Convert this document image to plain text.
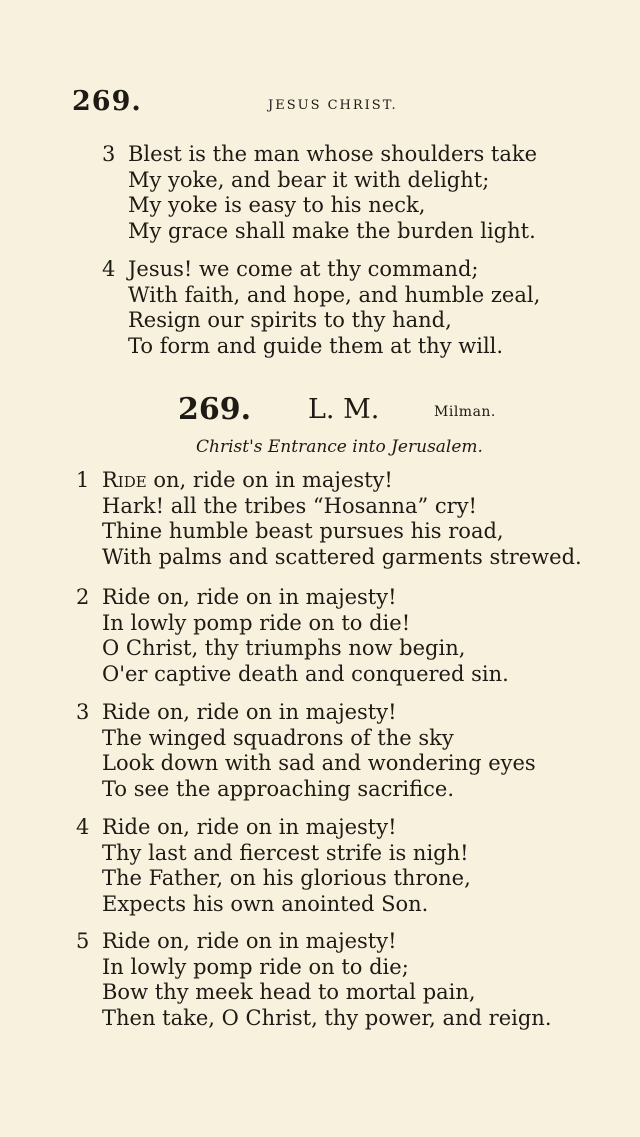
269.	JESUS CHRIST.
3 Blest is the man whose shoulders take
My yoke, and bear it with delight;
My yoke is easy to his neck,
My grace shall make the burden light.
4 Jesus! we come at thy command;
With faith, and hope, and humble zeal,
Resign our spirits to thy hand,
To form and guide them at thy will.
269. L. M.	Milman.
Christ's Entrance into Jerusalem.
1 Ride on, ride on in majesty!
Hark! all the tribes “Hosanna” cry!
Thine humble beast pursues his road,
With palms and scattered garments strewed.
2 Ride on, ride on in majesty!
In lowly pomp ride on to die!
O Christ, thy triumphs now begin,
O'er captive death and conquered sin.
3 Ride on, ride on in majesty!
The winged squadrons of the sky
Look down with sad and wondering eyes
To see the approaching sacrifice.
4 Ride on, ride on in majesty!
Thy last and fiercest strife is nigh!
The Father, on his glorious throne,
Expects his own anointed Son.
5 Ride on, ride on in majesty!
In lowly pomp ride on to die;
Bow thy meek head to mortal pain,
Then take, O Christ, thy power, and reign.
